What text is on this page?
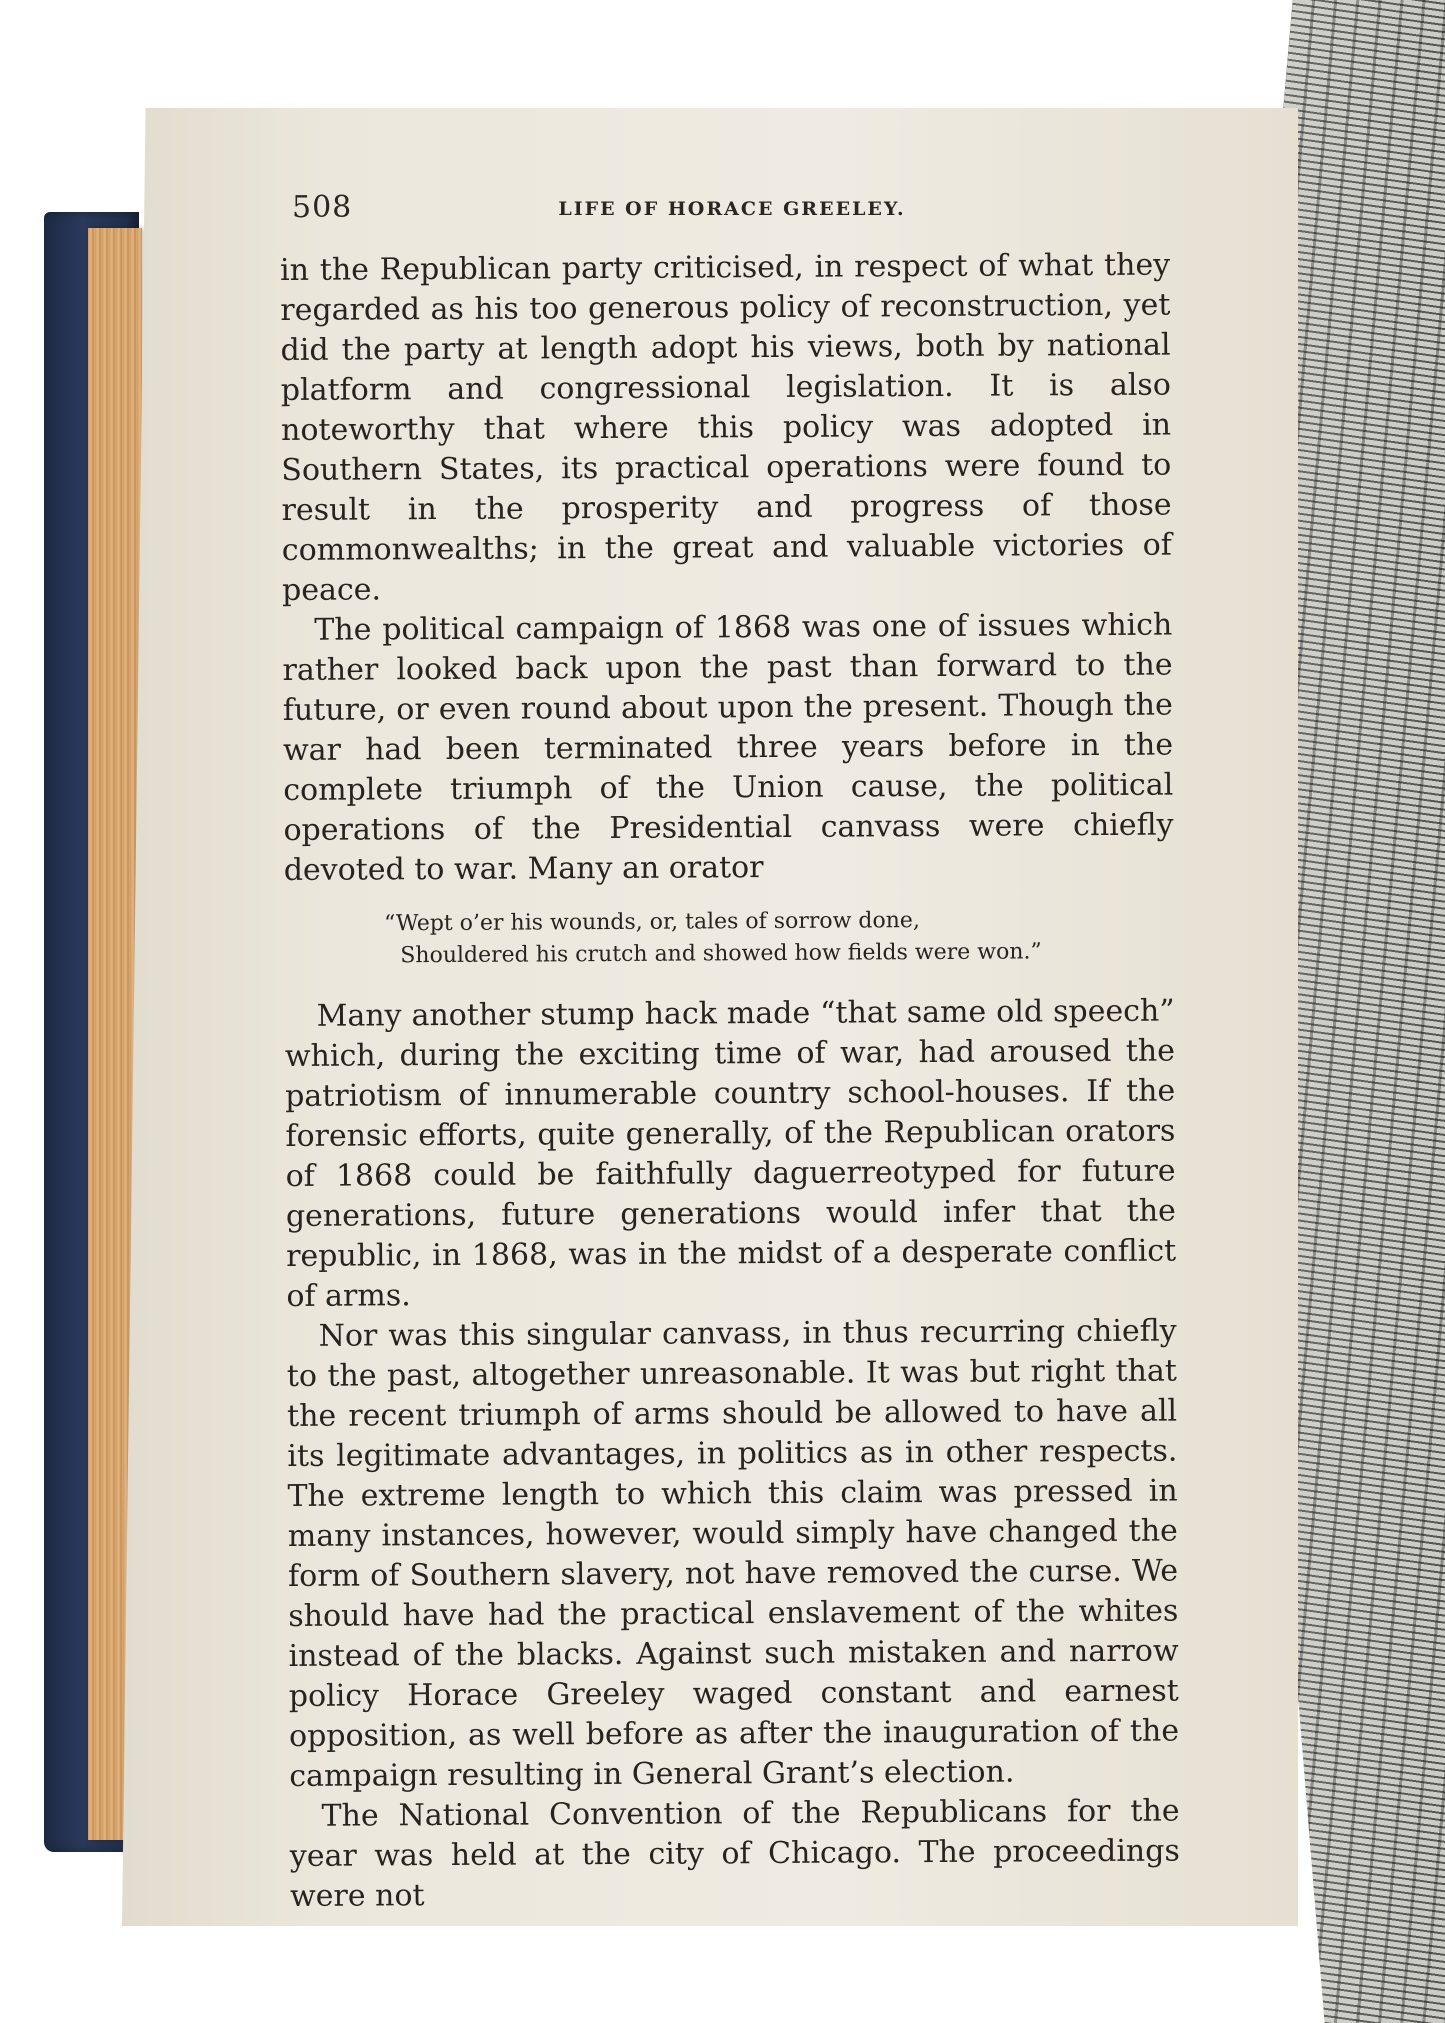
508	LIFE OF HORACE GREELEY.

in the Republican party criticised, in respect of what they regarded as his too generous policy of reconstruction, yet did the party at length adopt his views, both by national platform and congressional legislation. It is also noteworthy that where this policy was adopted in Southern States, its practical operations were found to result in the prosperity and progress of those commonwealths; in the great and valuable victories of peace.

The political campaign of 1868 was one of issues which rather looked back upon the past than forward to the future, or even round about upon the present. Though the war had been terminated three years before in the complete triumph of the Union cause, the political operations of the Presidential canvass were chiefly devoted to war. Many an orator

“Wept o’er his wounds, or, tales of sorrow done,
Shouldered his crutch and showed how fields were won.”

Many another stump hack made “that same old speech” which, during the exciting time of war, had aroused the patriotism of innumerable country school-houses. If the forensic efforts, quite generally, of the Republican orators of 1868 could be faithfully daguerreotyped for future generations, future generations would infer that the republic, in 1868, was in the midst of a desperate conflict of arms.

Nor was this singular canvass, in thus recurring chiefly to the past, altogether unreasonable. It was but right that the recent triumph of arms should be allowed to have all its legitimate advantages, in politics as in other respects. The extreme length to which this claim was pressed in many instances, however, would simply have changed the form of Southern slavery, not have removed the curse. We should have had the practical enslavement of the whites instead of the blacks. Against such mistaken and narrow policy Horace Greeley waged constant and earnest opposition, as well before as after the inauguration of the campaign resulting in General Grant’s election.

The National Convention of the Republicans for the year was held at the city of Chicago. The proceedings were not
